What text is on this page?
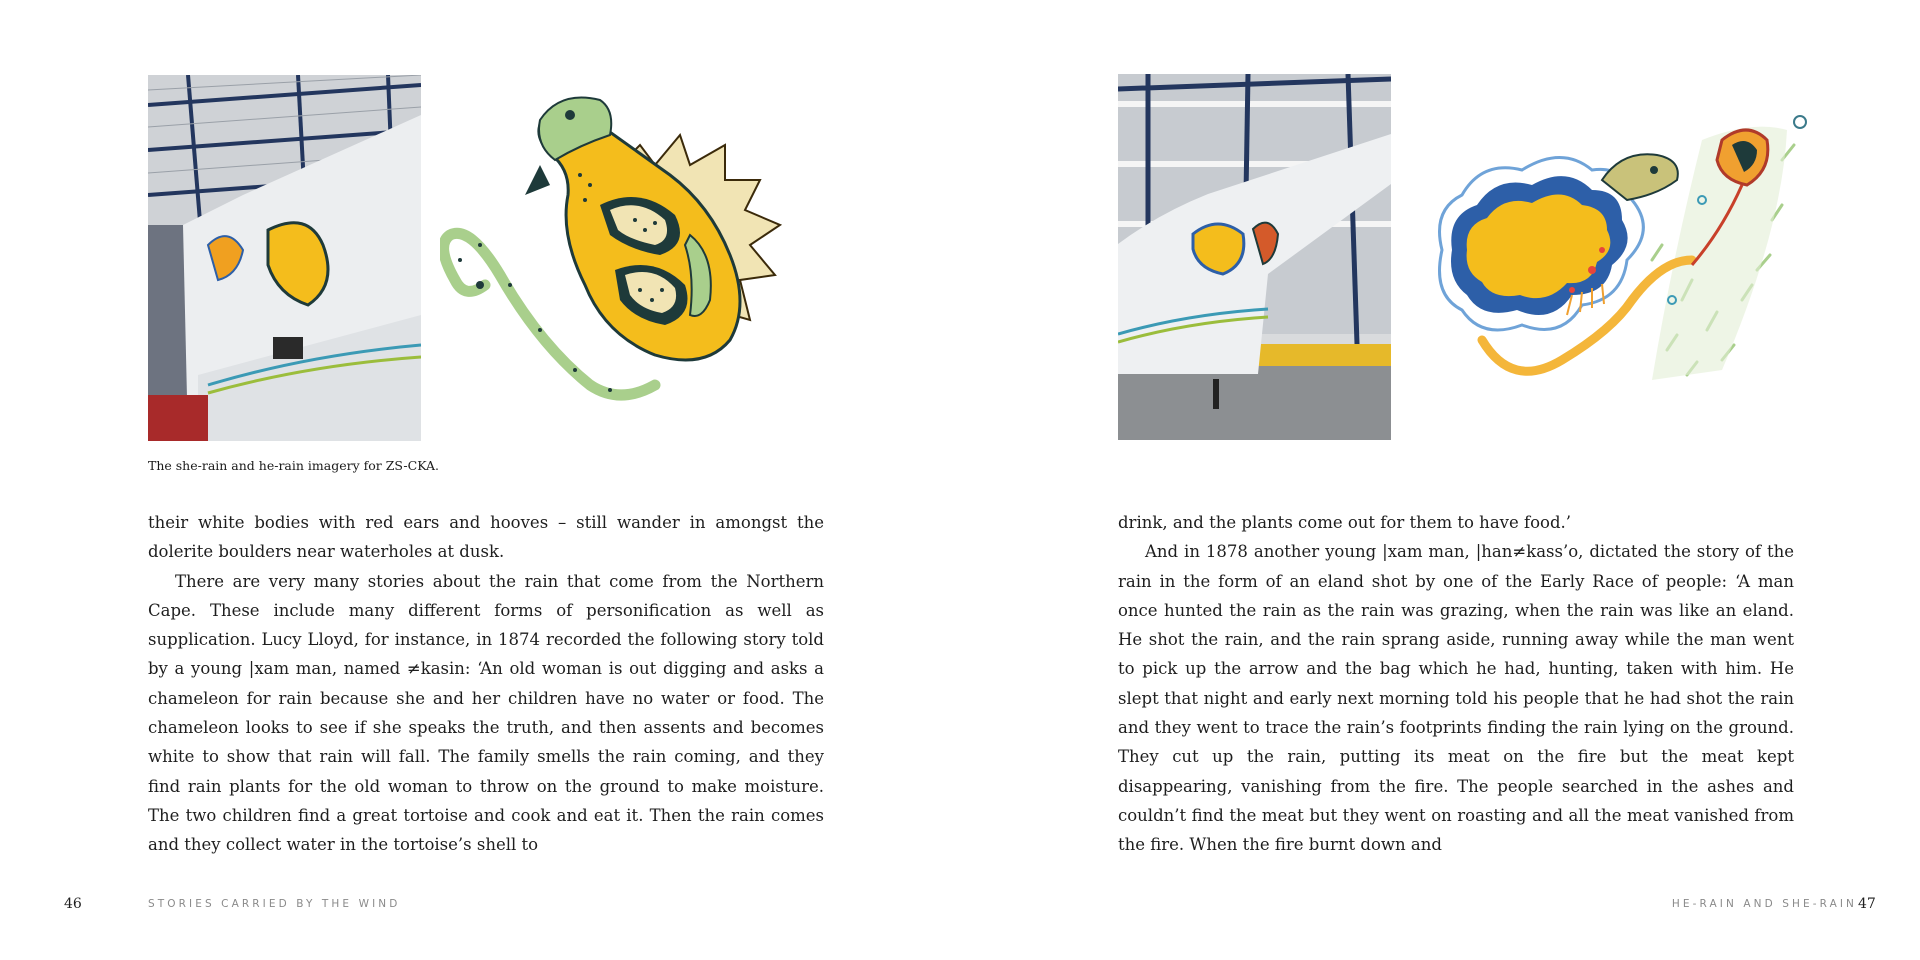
The she-rain and he-rain imagery for ZS-CKA.

their white bodies with red ears and hooves – still wander in amongst the dolerite boulders near waterholes at dusk.

There are very many stories about the rain that come from the Northern Cape. These include many different forms of personification as well as supplication. Lucy Lloyd, for instance, in 1874 recorded the following story told by a young |xam man, named ≠kasin: ‘An old woman is out digging and asks a chameleon for rain because she and her children have no water or food. The chameleon looks to see if she speaks the truth, and then assents and becomes white to show that rain will fall. The family smells the rain coming, and they find rain plants for the old woman to throw on the ground to make moisture. The two children find a great tortoise and cook and eat it. Then the rain comes and they collect water in the tortoise’s shell to

46	STORIES CARRIED BY THE WIND

drink, and the plants come out for them to have food.’

And in 1878 another young |xam man, |han≠kass’o, dictated the story of the rain in the form of an eland shot by one of the Early Race of people: ‘A man once hunted the rain as the rain was grazing, when the rain was like an eland. He shot the rain, and the rain sprang aside, running away while the man went to pick up the arrow and the bag which he had, hunting, taken with him. He slept that night and early next morning told his people that he had shot the rain and they went to trace the rain’s footprints finding the rain lying on the ground. They cut up the rain, putting its meat on the fire but the meat kept disappearing, vanishing from the fire. The people searched in the ashes and couldn’t find the meat but they went on roasting and all the meat vanished from the fire. When the fire burnt down and

HE-RAIN AND SHE-RAIN 47
